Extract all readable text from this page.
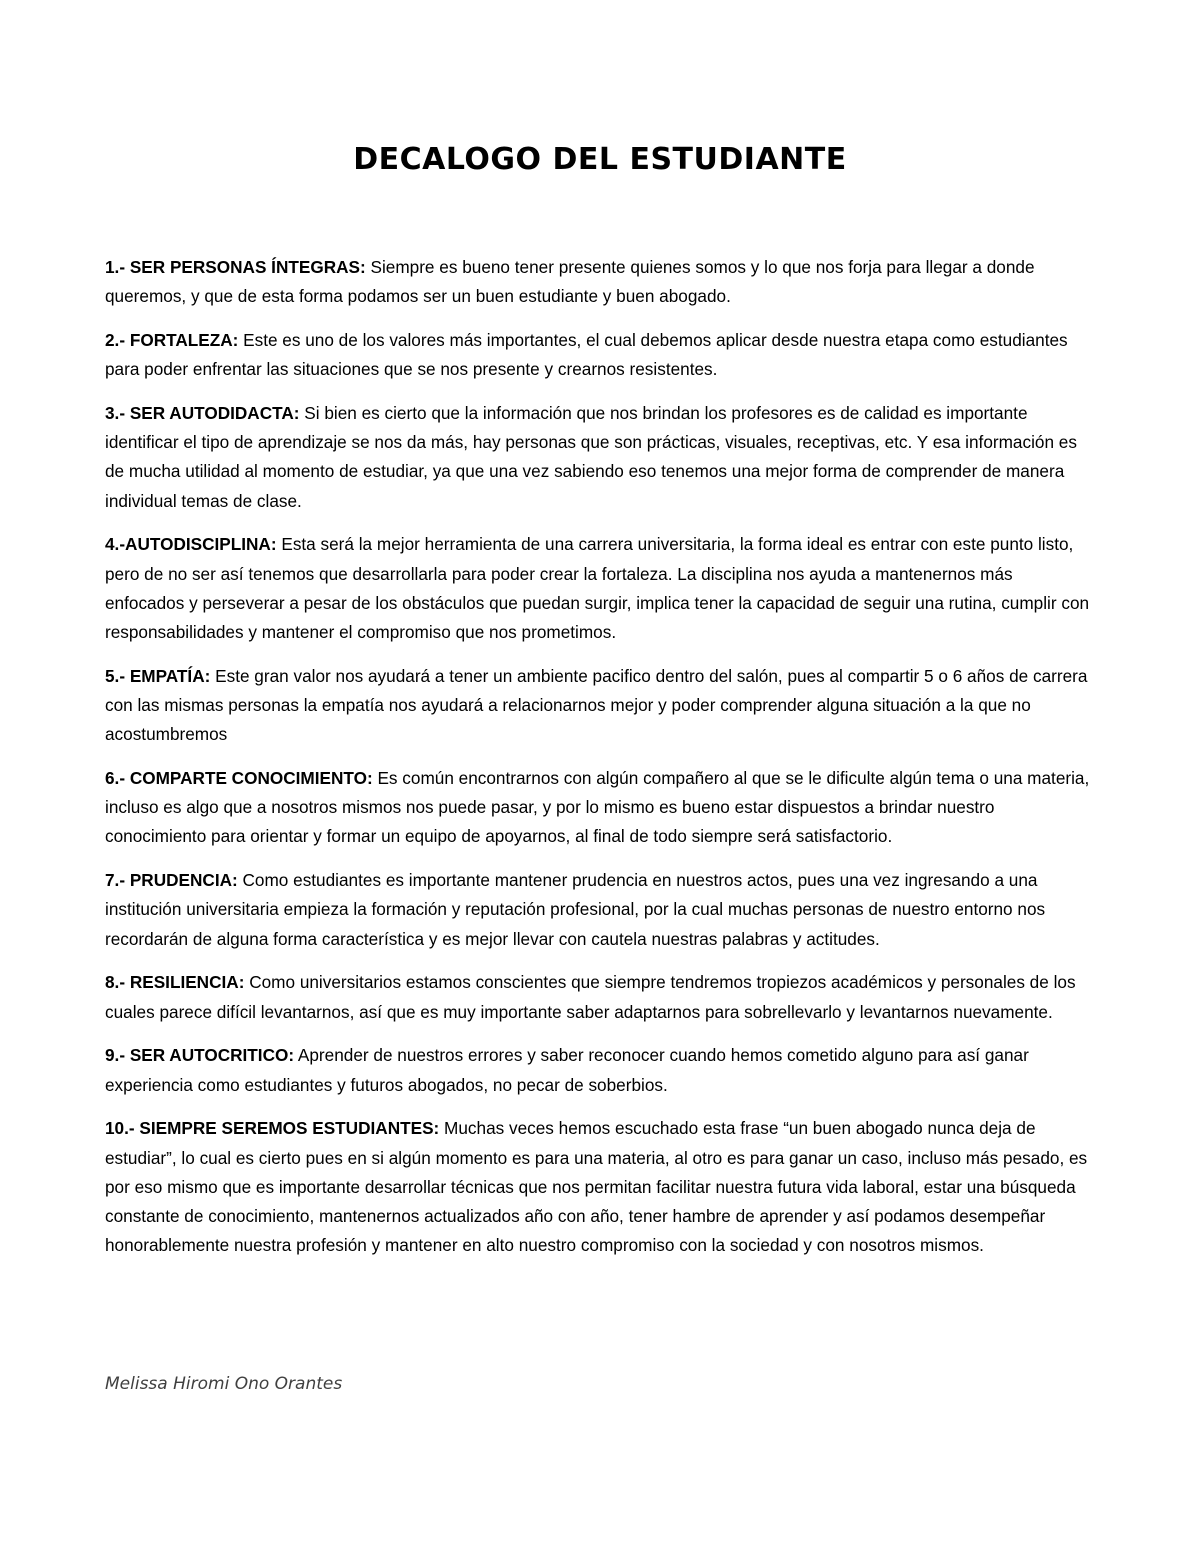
DECALOGO DEL ESTUDIANTE

1.- SER PERSONAS ÍNTEGRAS: Siempre es bueno tener presente quienes somos y lo que nos forja para llegar a donde queremos, y que de esta forma podamos ser un buen estudiante y buen abogado.

2.- FORTALEZA: Este es uno de los valores más importantes, el cual debemos aplicar desde nuestra etapa como estudiantes para poder enfrentar las situaciones que se nos presente y crearnos resistentes.

3.- SER AUTODIDACTA: Si bien es cierto que la información que nos brindan los profesores es de calidad es importante identificar el tipo de aprendizaje se nos da más, hay personas que son prácticas, visuales, receptivas, etc. Y esa información es de mucha utilidad al momento de estudiar, ya que una vez sabiendo eso tenemos una mejor forma de comprender de manera individual temas de clase.

4.-AUTODISCIPLINA: Esta será la mejor herramienta de una carrera universitaria, la forma ideal es entrar con este punto listo, pero de no ser así tenemos que desarrollarla para poder crear la fortaleza. La disciplina nos ayuda a mantenernos más enfocados y perseverar a pesar de los obstáculos que puedan surgir, implica tener la capacidad de seguir una rutina, cumplir con responsabilidades y mantener el compromiso que nos prometimos.

5.- EMPATÍA: Este gran valor nos ayudará a tener un ambiente pacifico dentro del salón, pues al compartir 5 o 6 años de carrera con las mismas personas la empatía nos ayudará a relacionarnos mejor y poder comprender alguna situación a la que no acostumbremos

6.- COMPARTE CONOCIMIENTO: Es común encontrarnos con algún compañero al que se le dificulte algún tema o una materia, incluso es algo que a nosotros mismos nos puede pasar, y por lo mismo es bueno estar dispuestos a brindar nuestro conocimiento para orientar y formar un equipo de apoyarnos, al final de todo siempre será satisfactorio.

7.- PRUDENCIA: Como estudiantes es importante mantener prudencia en nuestros actos, pues una vez ingresando a una institución universitaria empieza la formación y reputación profesional, por la cual muchas personas de nuestro entorno nos recordarán de alguna forma característica y es mejor llevar con cautela nuestras palabras y actitudes.

8.- RESILIENCIA: Como universitarios estamos conscientes que siempre tendremos tropiezos académicos y personales de los cuales parece difícil levantarnos, así que es muy importante saber adaptarnos para sobrellevarlo y levantarnos nuevamente.

9.- SER AUTOCRITICO: Aprender de nuestros errores y saber reconocer cuando hemos cometido alguno para así ganar experiencia como estudiantes y futuros abogados, no pecar de soberbios.

10.- SIEMPRE SEREMOS ESTUDIANTES: Muchas veces hemos escuchado esta frase “un buen abogado nunca deja de estudiar”, lo cual es cierto pues en si algún momento es para una materia, al otro es para ganar un caso, incluso más pesado, es por eso mismo que es importante desarrollar técnicas que nos permitan facilitar nuestra futura vida laboral, estar una búsqueda constante de conocimiento, mantenernos actualizados año con año, tener hambre de aprender y así podamos desempeñar honorablemente nuestra profesión y mantener en alto nuestro compromiso con la sociedad y con nosotros mismos.

Melissa Hiromi Ono Orantes
